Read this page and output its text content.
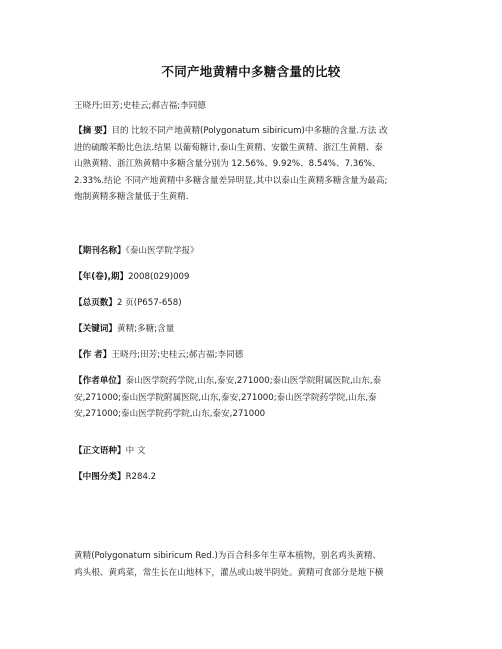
不同产地黄精中多糖含量的比较
王晓丹;田芳;史桂云;郝吉福;李同德
【摘 要】目的 比较不同产地黄精(Polygonatum sibiricum)中多糖的含量.方法 改
进的硫酸苯酚比色法.结果 以葡萄糖计,泰山生黄精、安徽生黄精、浙江生黄精、泰
山熟黄精、浙江熟黄精中多糖含量分别为 12.56%、9.92%、8.54%、7.36%、
2.33%.结论 不同产地黄精中多糖含量差异明显,其中以泰山生黄精多糖含量为最高;
炮制黄精多糖含量低于生黄精.
【期刊名称】《泰山医学院学报》
【年(卷),期】2008(029)009
【总页数】2 页(P657-658)
【关键词】黄精;多糖;含量
【作 者】王晓丹;田芳;史桂云;郝吉福;李同德
【作者单位】泰山医学院药学院,山东,泰安,271000;泰山医学院附属医院,山东,泰
安,271000;泰山医学院附属医院,山东,泰安,271000;泰山医学院药学院,山东,泰
安,271000;泰山医学院药学院,山东,泰安,271000
【正文语种】中 文
【中图分类】R284.2
黄精(Polygonatum sibiricum Red.)为百合科多年生草本植物，别名鸡头黄精、
鸡头根、黄鸡菜，常生长在山地林下，灌丛或山坡半阴处。黄精可食部分是地下横
